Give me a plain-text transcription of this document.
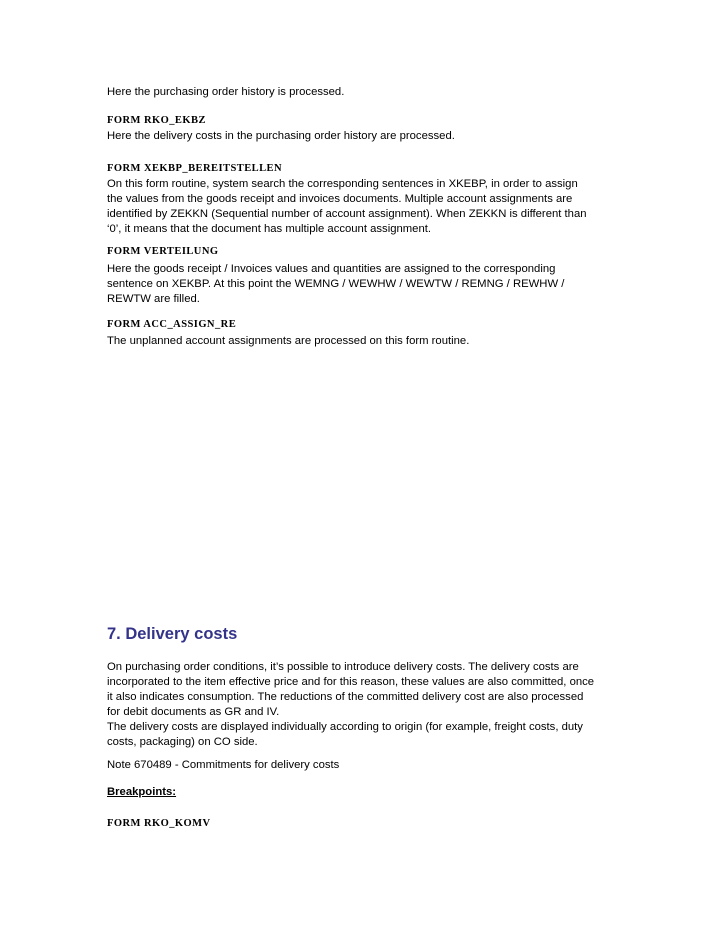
Here the purchasing order history is processed.

FORM RKO_EKBZ

Here the delivery costs in the purchasing order history are processed.

FORM XEKBP_BEREITSTELLEN

On this form routine, system search the corresponding sentences in XKEBP, in order to assign
the values from the goods receipt and invoices documents. Multiple account assignments are
identified by ZEKKN (Sequential number of account assignment). When ZEKKN is different than
‘0’, it means that the document has multiple account assignment.

FORM VERTEILUNG

Here the goods receipt / Invoices values and quantities are assigned to the corresponding
sentence on XEKBP. At this point the WEMNG / WEWHW / WEWTW / REMNG / REWHW /
REWTW are filled.

FORM ACC_ASSIGN_RE

The unplanned account assignments are processed on this form routine.

7. Delivery costs

On purchasing order conditions, it’s possible to introduce delivery costs. The delivery costs are
incorporated to the item effective price and for this reason, these values are also committed, once
it also indicates consumption. The reductions of the committed delivery cost are also processed
for debit documents as GR and IV.
The delivery costs are displayed individually according to origin (for example, freight costs, duty
costs, packaging) on CO side.

Note 670489 - Commitments for delivery costs

Breakpoints:

FORM RKO_KOMV
